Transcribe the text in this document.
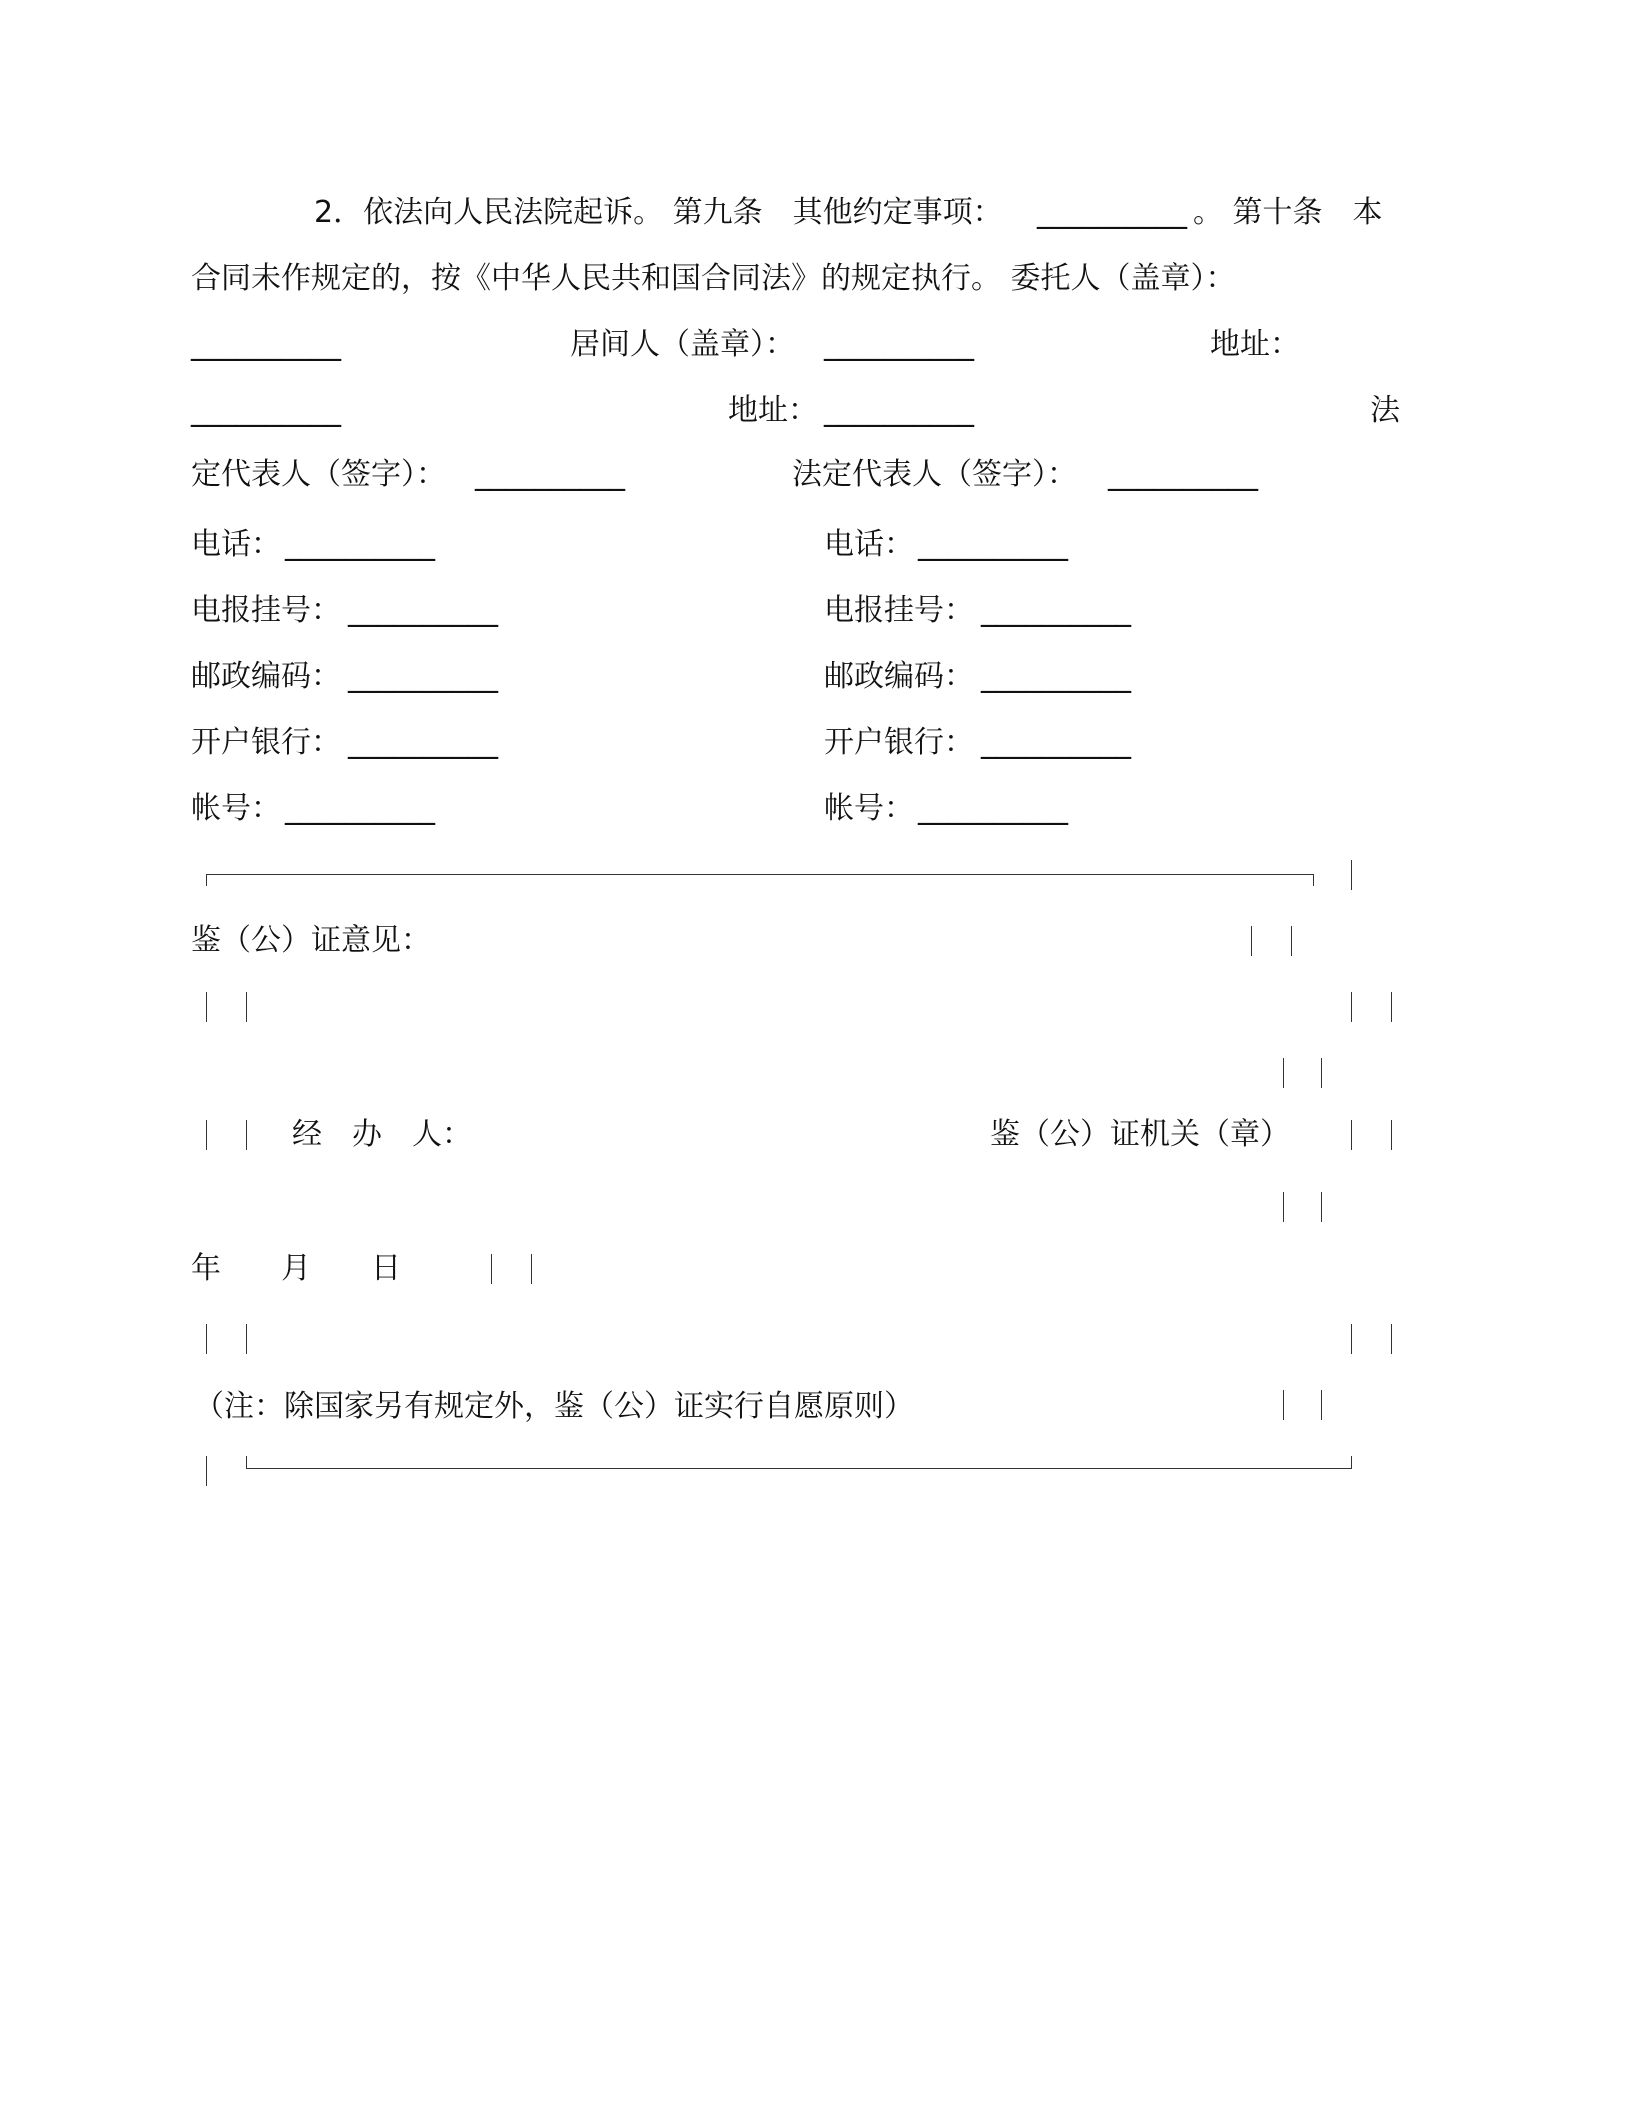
2．依法向人民法院起诉。 第九条　其他约定事项： __________ 。 第十条　本
合同未作规定的，按《中华人民共和国合同法》的规定执行。 委托人（盖章）：
__________	居间人（盖章）： __________	地址：
__________	地址： __________	法
定代表人（签字）： __________	法定代表人（签字）： __________
电话： __________	电话： __________
电报挂号： __________	电报挂号： __________
邮政编码： __________	邮政编码： __________
开户银行： __________	开户银行： __________
帐号： __________	帐号： __________
鉴（公）证意见：
经　办　人：	鉴（公）证机关（章）
年　　月　　日
（注：除国家另有规定外，鉴（公）证实行自愿原则）
